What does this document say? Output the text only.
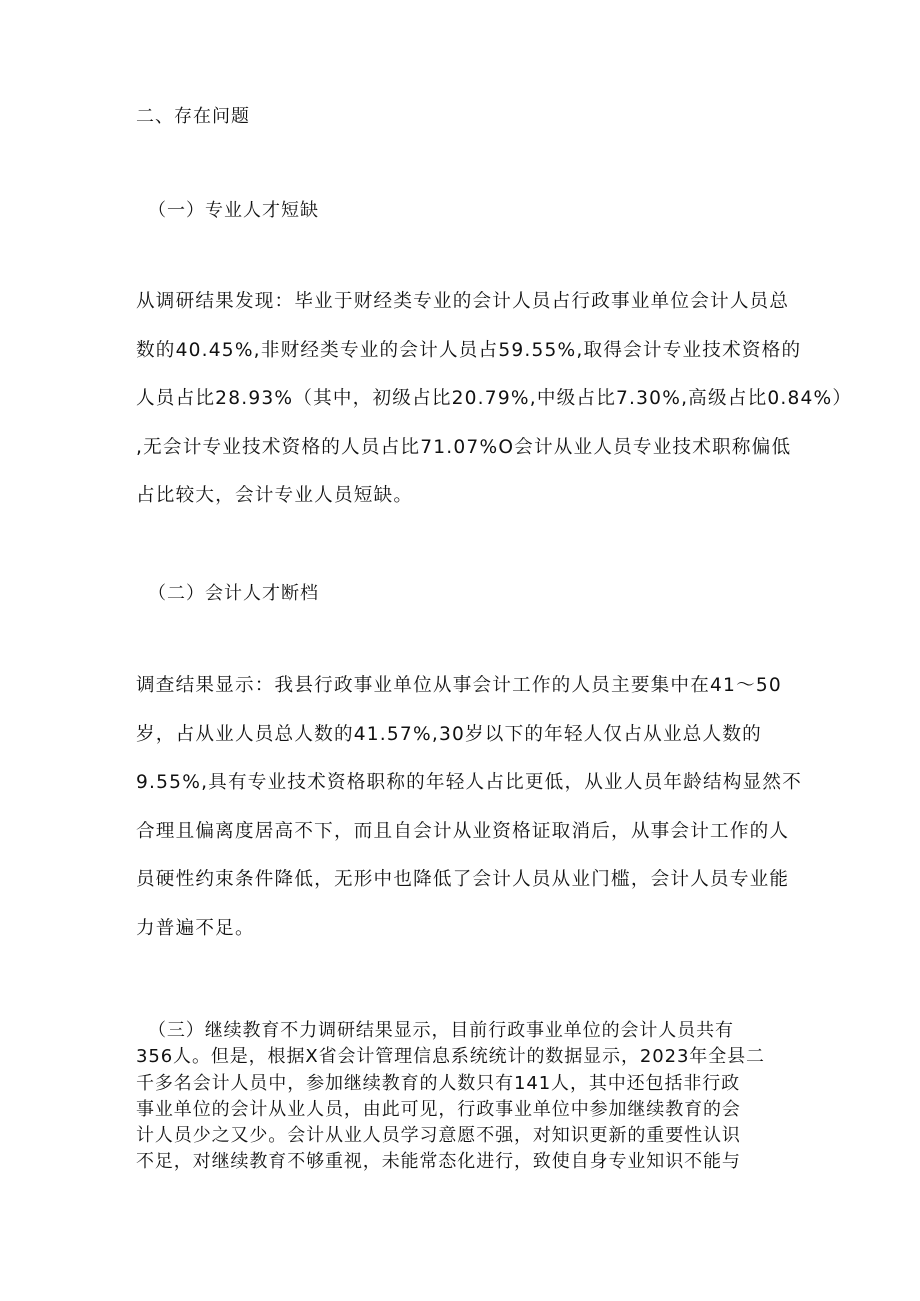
二、存在问题
（一）专业人才短缺
从调研结果发现：毕业于财经类专业的会计人员占行政事业单位会计人员总
数的40.45%,非财经类专业的会计人员占59.55%,取得会计专业技术资格的
人员占比28.93%（其中，初级占比20.79%,中级占比7.30%,高级占比0.84%）
,无会计专业技术资格的人员占比71.07%O会计从业人员专业技术职称偏低
占比较大，会计专业人员短缺。
（二）会计人才断档
调查结果显示：我县行政事业单位从事会计工作的人员主要集中在41～50
岁，占从业人员总人数的41.57%,30岁以下的年轻人仅占从业总人数的
9.55%,具有专业技术资格职称的年轻人占比更低，从业人员年龄结构显然不
合理且偏离度居高不下，而且自会计从业资格证取消后，从事会计工作的人
员硬性约束条件降低，无形中也降低了会计人员从业门槛，会计人员专业能
力普遍不足。
（三）继续教育不力调研结果显示，目前行政事业单位的会计人员共有
356人。但是，根据X省会计管理信息系统统计的数据显示，2023年全县二
千多名会计人员中，参加继续教育的人数只有141人，其中还包括非行政
事业单位的会计从业人员，由此可见，行政事业单位中参加继续教育的会
计人员少之又少。会计从业人员学习意愿不强，对知识更新的重要性认识
不足，对继续教育不够重视，未能常态化进行，致使自身专业知识不能与
